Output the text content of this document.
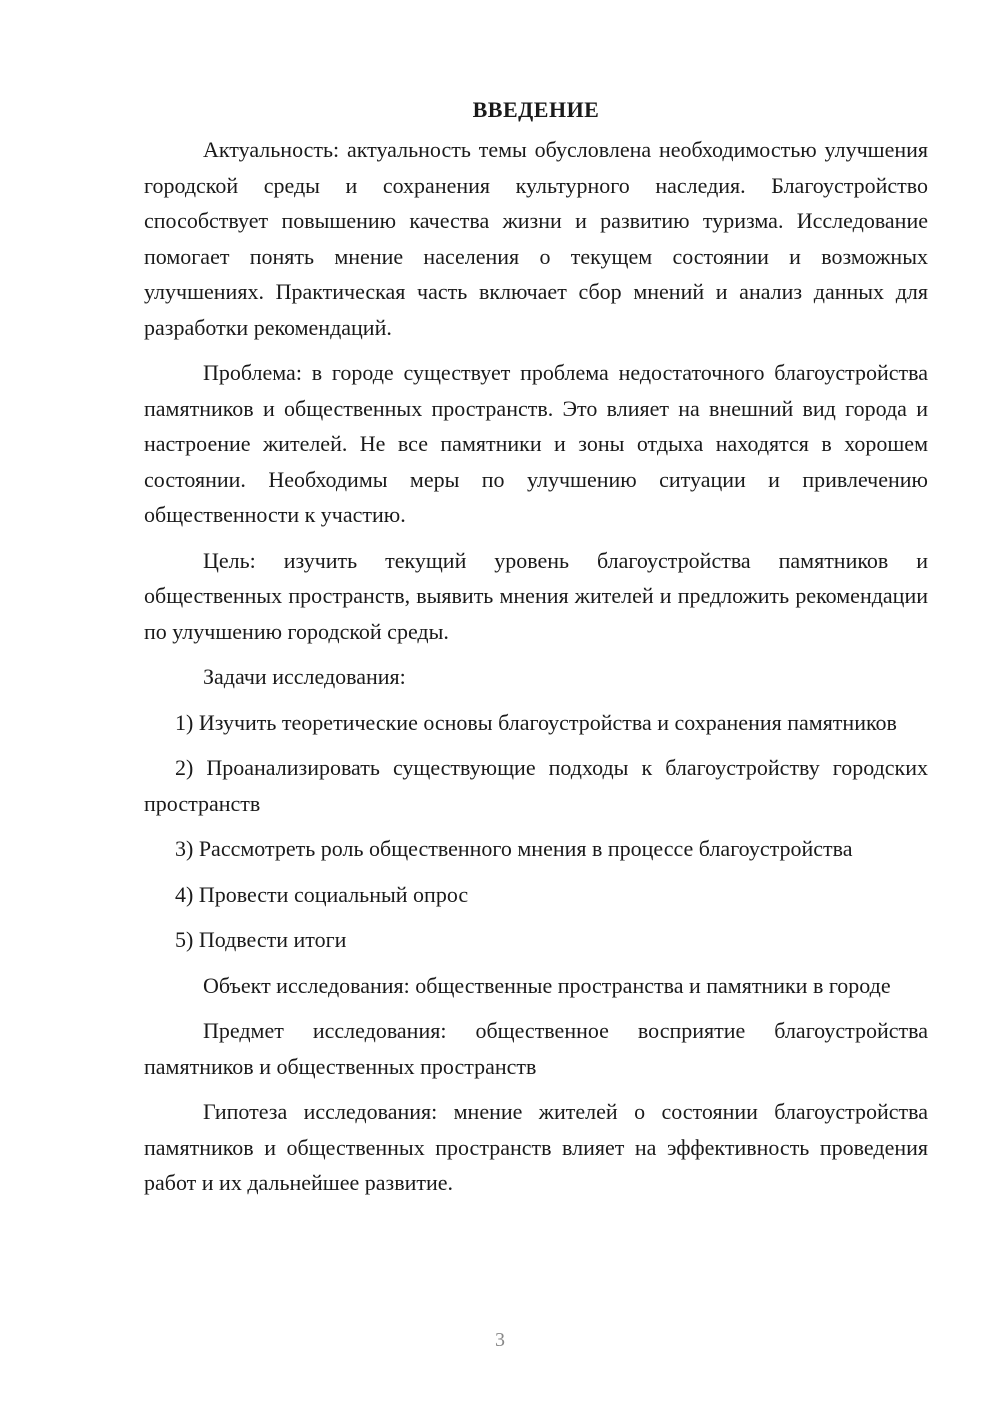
ВВЕДЕНИЕ

Актуальность: актуальность темы обусловлена необходимостью улучшения городской среды и сохранения культурного наследия. Благоустройство способствует повышению качества жизни и развитию туризма. Исследование помогает понять мнение населения о текущем состоянии и возможных улучшениях. Практическая часть включает сбор мнений и анализ данных для разработки рекомендаций.

Проблема: в городе существует проблема недостаточного благоустройства памятников и общественных пространств. Это влияет на внешний вид города и настроение жителей. Не все памятники и зоны отдыха находятся в хорошем состоянии. Необходимы меры по улучшению ситуации и привлечению общественности к участию.

Цель: изучить текущий уровень благоустройства памятников и общественных пространств, выявить мнения жителей и предложить рекомендации по улучшению городской среды.

Задачи исследования:

1) Изучить теоретические основы благоустройства и сохранения памятников

2) Проанализировать существующие подходы к благоустройству городских пространств

3) Рассмотреть роль общественного мнения в процессе благоустройства

4) Провести социальный опрос

5) Подвести итоги

Объект исследования: общественные пространства и памятники в городе

Предмет исследования: общественное восприятие благоустройства памятников и общественных пространств

Гипотеза исследования: мнение жителей о состоянии благоустройства памятников и общественных пространств влияет на эффективность проведения работ и их дальнейшее развитие.

3
